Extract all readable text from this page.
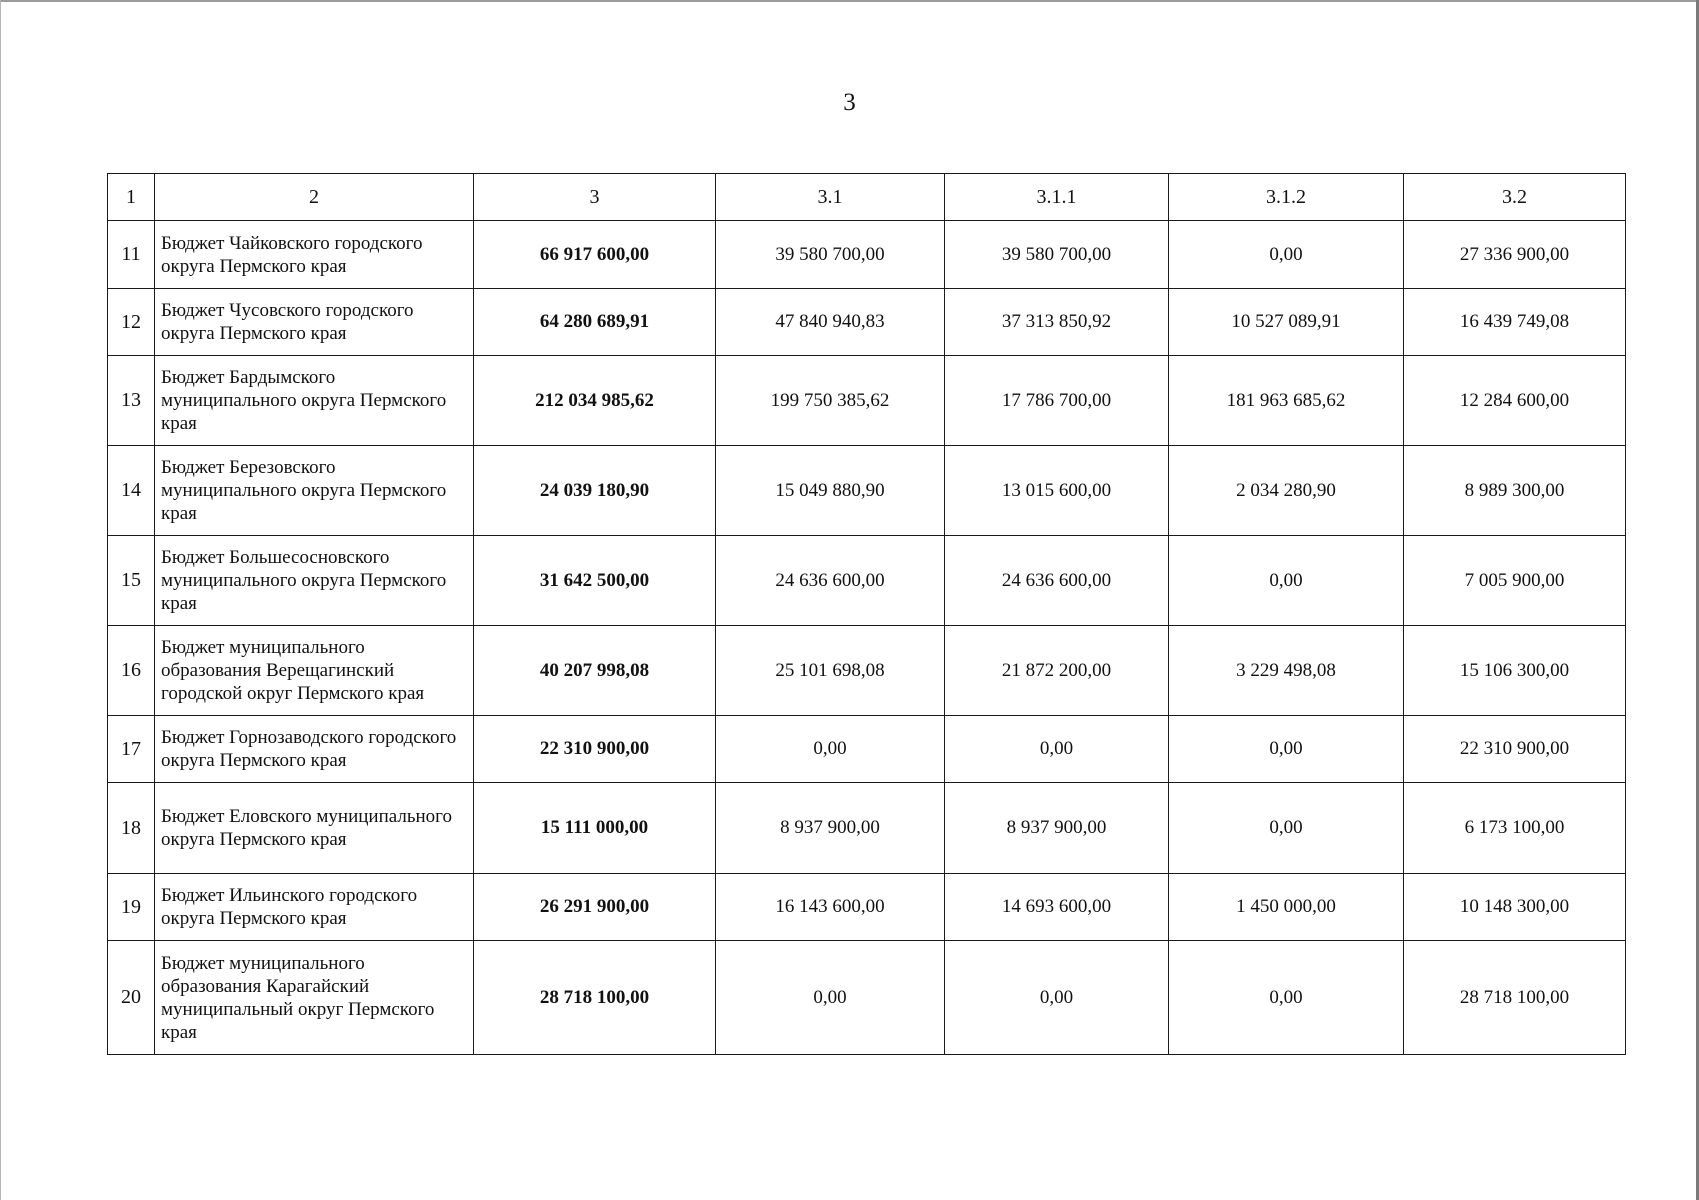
3
1	2	3	3.1	3.1.1	3.1.2	3.2
11	Бюджет Чайковского городского округа Пермского края	66 917 600,00	39 580 700,00	39 580 700,00	0,00	27 336 900,00
12	Бюджет Чусовского городского округа Пермского края	64 280 689,91	47 840 940,83	37 313 850,92	10 527 089,91	16 439 749,08
13	Бюджет Бардымского муниципального округа Пермского края	212 034 985,62	199 750 385,62	17 786 700,00	181 963 685,62	12 284 600,00
14	Бюджет Березовского муниципального округа Пермского края	24 039 180,90	15 049 880,90	13 015 600,00	2 034 280,90	8 989 300,00
15	Бюджет Большесосновского муниципального округа Пермского края	31 642 500,00	24 636 600,00	24 636 600,00	0,00	7 005 900,00
16	Бюджет муниципального образования Верещагинский городской округ Пермского края	40 207 998,08	25 101 698,08	21 872 200,00	3 229 498,08	15 106 300,00
17	Бюджет Горнозаводского городского округа Пермского края	22 310 900,00	0,00	0,00	0,00	22 310 900,00
18	Бюджет Еловского муниципального округа Пермского края	15 111 000,00	8 937 900,00	8 937 900,00	0,00	6 173 100,00
19	Бюджет Ильинского городского округа Пермского края	26 291 900,00	16 143 600,00	14 693 600,00	1 450 000,00	10 148 300,00
20	Бюджет муниципального образования Карагайский муниципальный округ Пермского края	28 718 100,00	0,00	0,00	0,00	28 718 100,00
